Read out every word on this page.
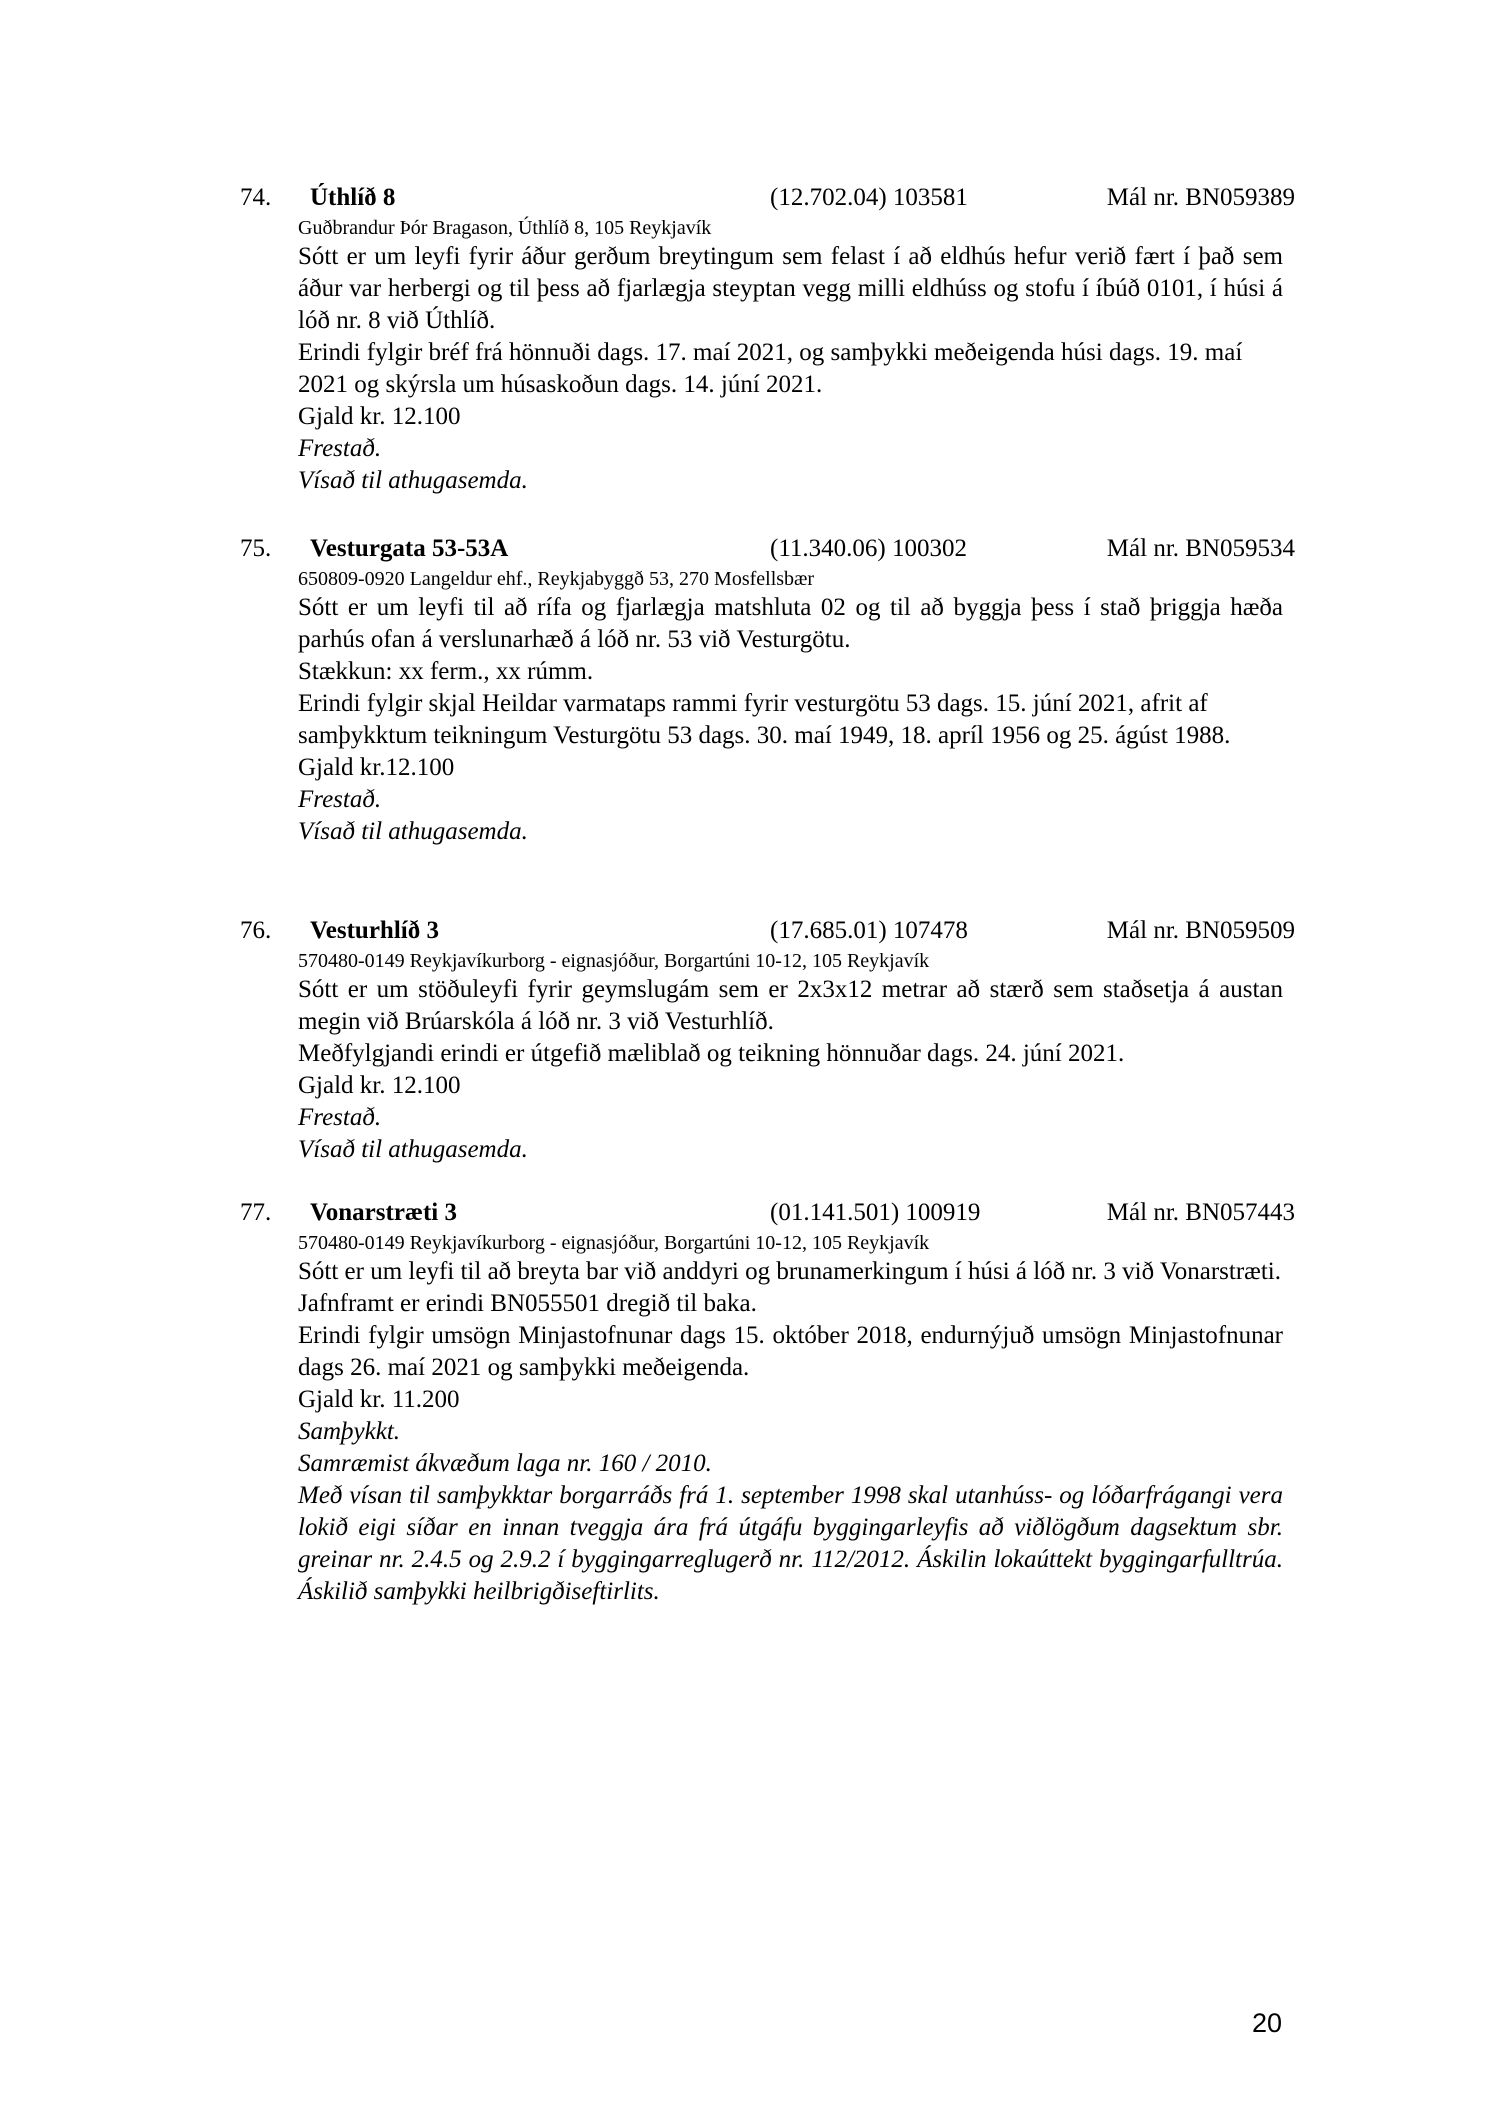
74. Úthlíð 8	(12.702.04) 103581	Mál nr. BN059389
Guðbrandur Þór Bragason, Úthlíð 8, 105 Reykjavík
Sótt er um leyfi fyrir áður gerðum breytingum sem felast í að eldhús hefur verið fært í það sem áður var herbergi og til þess að fjarlægja steyptan vegg milli eldhúss og stofu í íbúð 0101, í húsi á lóð nr. 8 við Úthlíð.
Erindi fylgir bréf frá hönnuði dags. 17. maí 2021, og samþykki meðeigenda húsi dags. 19. maí 2021 og skýrsla um húsaskoðun dags. 14. júní 2021.
Gjald kr. 12.100
Frestað.
Vísað til athugasemda.
75. Vesturgata 53-53A	(11.340.06) 100302	Mál nr. BN059534
650809-0920 Langeldur ehf., Reykjabyggð 53, 270 Mosfellsbær
Sótt er um leyfi til að rífa og fjarlægja matshluta 02 og til að byggja þess í stað þriggja hæða parhús ofan á verslunarhæð á lóð nr. 53 við Vesturgötu.
Stækkun: xx ferm., xx rúmm.
Erindi fylgir skjal Heildar varmataps rammi fyrir vesturgötu 53 dags. 15. júní 2021, afrit af samþykktum teikningum Vesturgötu 53 dags. 30. maí 1949, 18. apríl 1956 og 25. ágúst 1988.
Gjald kr.12.100
Frestað.
Vísað til athugasemda.
76. Vesturhlíð 3	(17.685.01) 107478	Mál nr. BN059509
570480-0149 Reykjavíkurborg - eignasjóður, Borgartúni 10-12, 105 Reykjavík
Sótt er um stöðuleyfi fyrir geymslugám sem er 2x3x12 metrar að stærð sem staðsetja á austan megin við Brúarskóla á lóð nr. 3 við Vesturhlíð.
Meðfylgjandi erindi er útgefið mæliblað og teikning hönnuðar dags. 24. júní 2021.
Gjald kr. 12.100
Frestað.
Vísað til athugasemda.
77. Vonarstræti 3	(01.141.501) 100919	Mál nr. BN057443
570480-0149 Reykjavíkurborg - eignasjóður, Borgartúni 10-12, 105 Reykjavík
Sótt er um leyfi til að breyta bar við anddyri og brunamerkingum í húsi á lóð nr. 3 við Vonarstræti.
Jafnframt er erindi BN055501 dregið til baka.
Erindi fylgir umsögn Minjastofnunar dags 15. október 2018, endurnýjuð umsögn Minjastofnunar dags 26. maí 2021 og samþykki meðeigenda.
Gjald kr. 11.200
Samþykkt.
Samræmist ákvæðum laga nr. 160 / 2010.
Með vísan til samþykktar borgarráðs frá 1. september 1998 skal utanhúss- og lóðarfrágangi vera lokið eigi síðar en innan tveggja ára frá útgáfu byggingarleyfis að viðlögðum dagsektum sbr. greinar nr. 2.4.5 og 2.9.2 í byggingarreglugerð nr. 112/2012. Áskilin lokaúttekt byggingarfulltrúa. Áskilið samþykki heilbrigðiseftirlits.
20
